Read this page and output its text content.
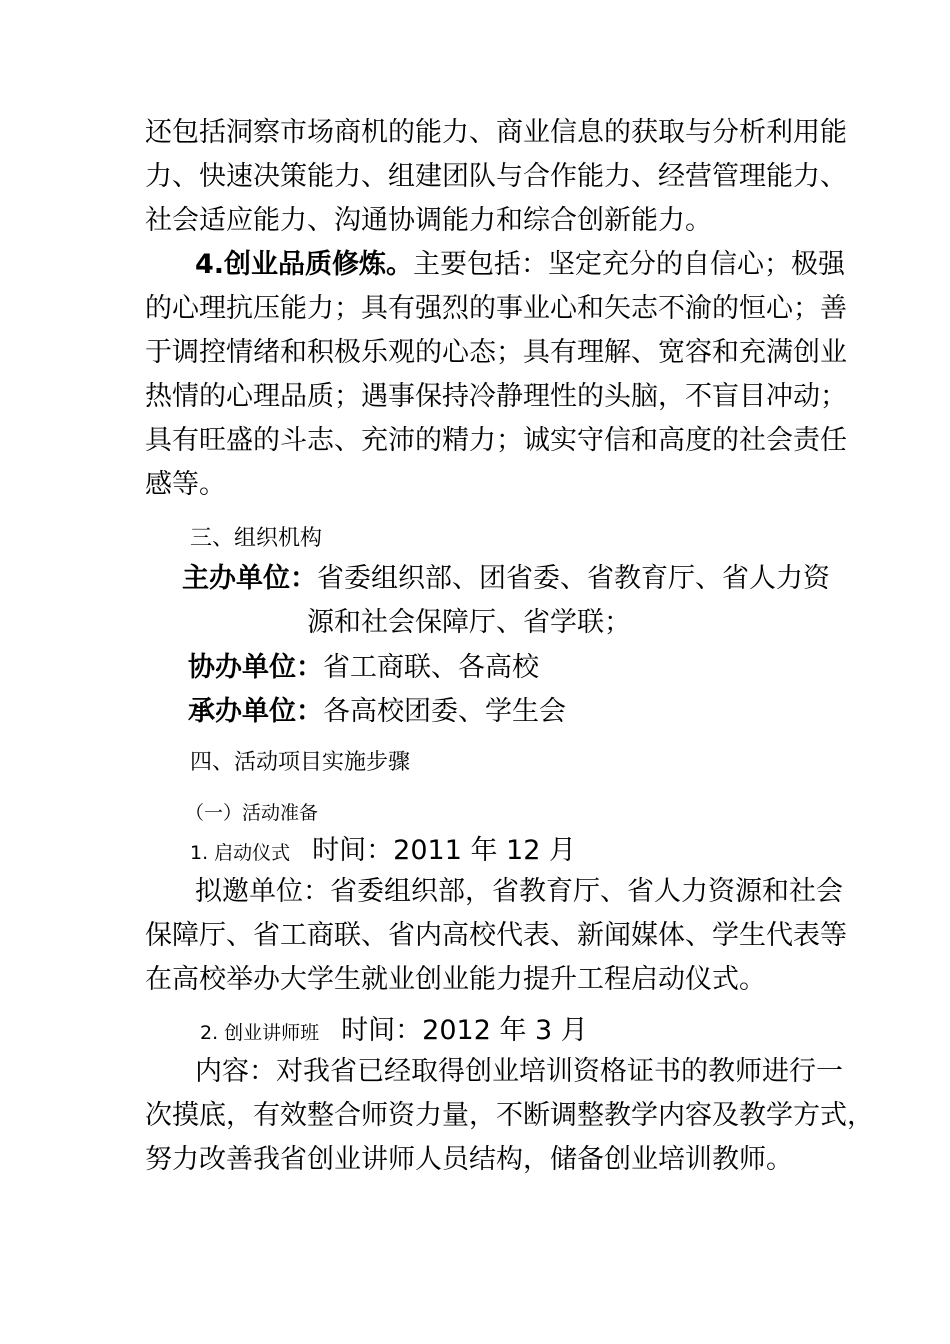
还包括洞察市场商机的能力、商业信息的获取与分析利用能
力、快速决策能力、组建团队与合作能力、经营管理能力、
社会适应能力、沟通协调能力和综合创新能力。
4.创业品质修炼。主要包括：坚定充分的自信心；极强
的心理抗压能力；具有强烈的事业心和矢志不渝的恒心；善
于调控情绪和积极乐观的心态；具有理解、宽容和充满创业
热情的心理品质；遇事保持冷静理性的头脑，不盲目冲动；
具有旺盛的斗志、充沛的精力；诚实守信和高度的社会责任
感等。
三、组织机构
主办单位：省委组织部、团省委、省教育厅、省人力资
源和社会保障厅、省学联；
协办单位：省工商联、各高校
承办单位：各高校团委、学生会
四、活动项目实施步骤
（一）活动准备
1. 启动仪式 时间：2011 年 12 月
拟邀单位：省委组织部，省教育厅、省人力资源和社会
保障厅、省工商联、省内高校代表、新闻媒体、学生代表等
在高校举办大学生就业创业能力提升工程启动仪式。
2. 创业讲师班 时间：2012 年 3 月
内容：对我省已经取得创业培训资格证书的教师进行一
次摸底，有效整合师资力量，不断调整教学内容及教学方式，
努力改善我省创业讲师人员结构，储备创业培训教师。
